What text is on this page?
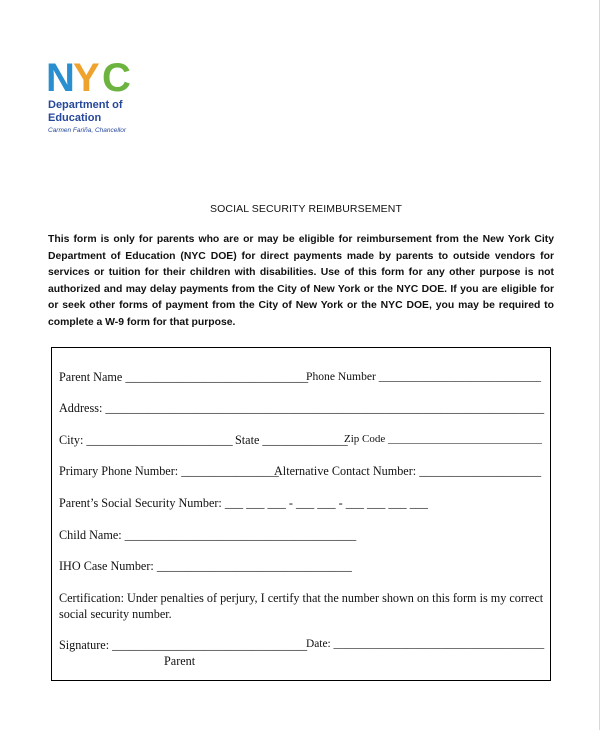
N
Y C
Department of
Education
Carmen Fariña, Chancellor
SOCIAL SECURITY REIMBURSEMENT
This form is only for parents who are or may be eligible for reimbursement from the New York City Department of Education (NYC DOE) for direct payments made by parents to outside vendors for services or tuition for their children with disabilities. Use of this form for any other purpose is not authorized and may delay payments from the City of New York or the NYC DOE. If you are eligible for or seek other forms of payment from the City of New York or the NYC DOE, you may be required to complete a W-9 form for that purpose.
Parent Name ______________________________
Phone Number ____________________________
Address: ________________________________________________________________________
City: ________________________ State ______________
Zip Code ____________________________
Primary Phone Number: ________________
Alternative Contact Number: ____________________
Parent’s Social Security Number: ___ ___ ___ - ___ ___ - ___ ___ ___ ___
Child Name: ______________________________________
IHO Case Number: ________________________________
Certification: Under penalties of perjury, I certify that the number shown on this form is my correct
social security number.
Signature: ________________________________
Date: _____________________________________
Parent
